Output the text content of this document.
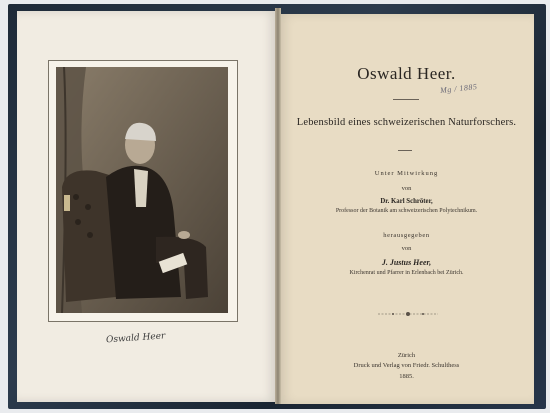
Oswald Heer
Oswald Heer.
Mg / 1885
Lebensbild eines schweizerischen Naturforschers.
Unter Mitwirkung
von
Dr. Karl Schröter,
Professor der Botanik am schweizerischen Polytechnikum.
herausgegeben
von
J. Justus Heer,
Kirchenrat und Pfarrer in Erlenbach bei Zürich.
Zürich
Druck und Verlag von Friedr. Schulthess
1885.
